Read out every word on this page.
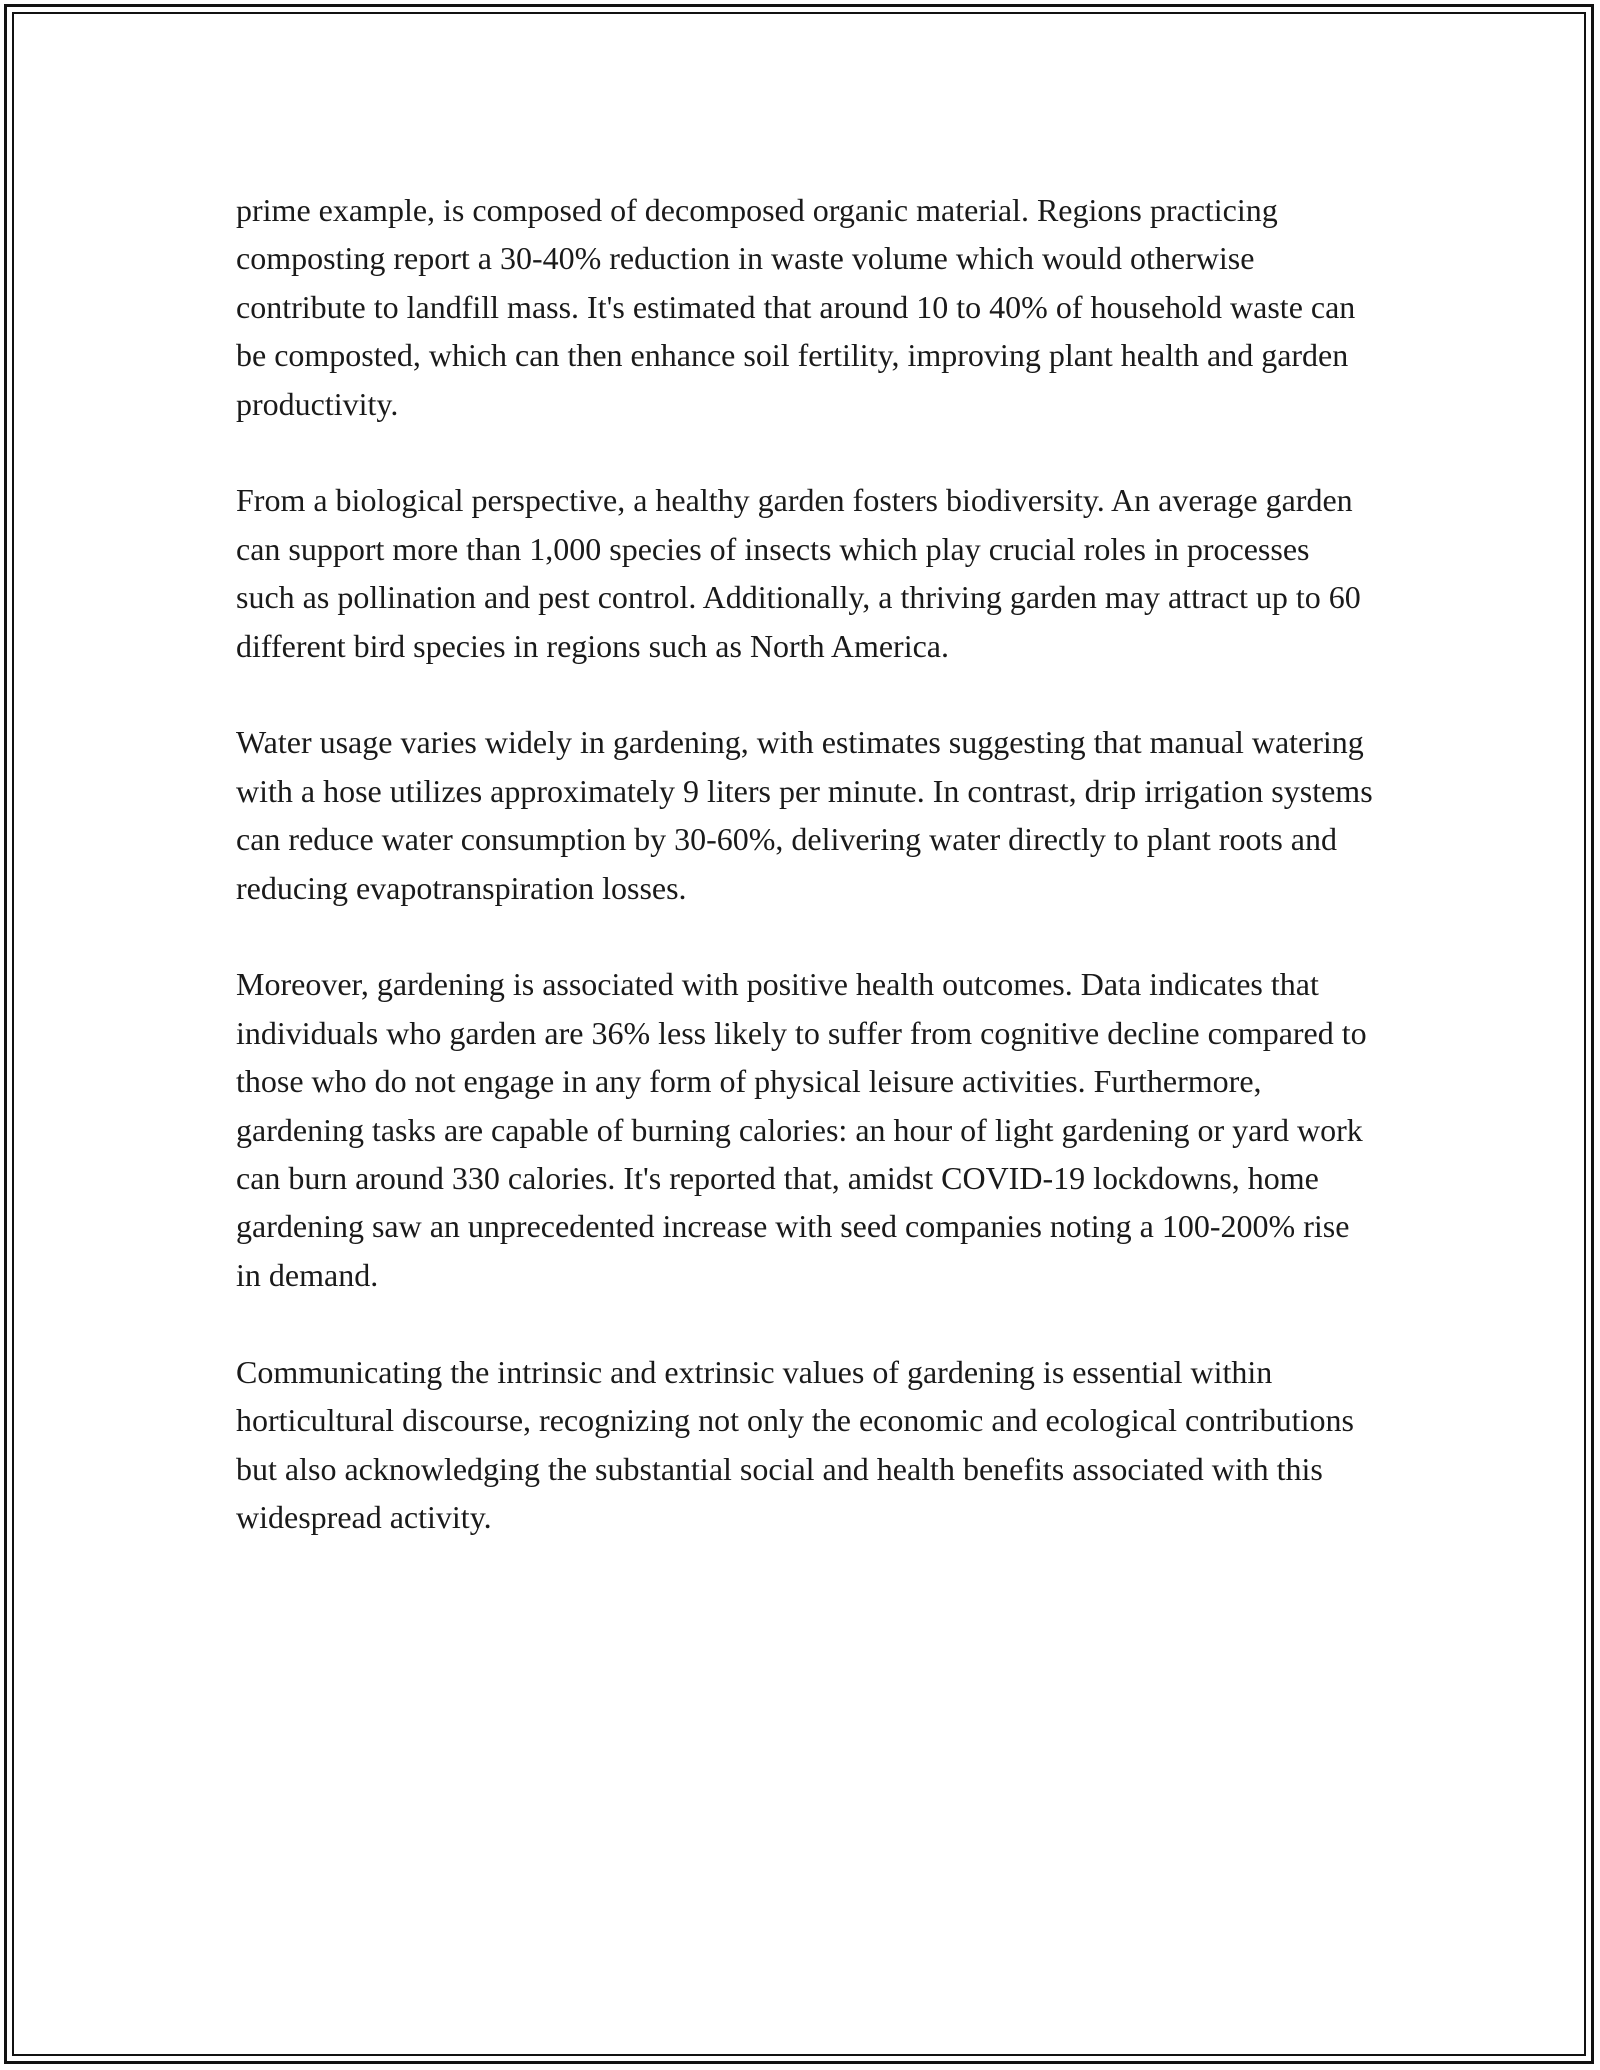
prime example, is composed of decomposed organic material. Regions practicing composting report a 30-40% reduction in waste volume which would otherwise contribute to landfill mass. It's estimated that around 10 to 40% of household waste can be composted, which can then enhance soil fertility, improving plant health and garden productivity.

From a biological perspective, a healthy garden fosters biodiversity. An average garden can support more than 1,000 species of insects which play crucial roles in processes such as pollination and pest control. Additionally, a thriving garden may attract up to 60 different bird species in regions such as North America.

Water usage varies widely in gardening, with estimates suggesting that manual watering with a hose utilizes approximately 9 liters per minute. In contrast, drip irrigation systems can reduce water consumption by 30-60%, delivering water directly to plant roots and reducing evapotranspiration losses.

Moreover, gardening is associated with positive health outcomes. Data indicates that individuals who garden are 36% less likely to suffer from cognitive decline compared to those who do not engage in any form of physical leisure activities. Furthermore, gardening tasks are capable of burning calories: an hour of light gardening or yard work can burn around 330 calories. It's reported that, amidst COVID-19 lockdowns, home gardening saw an unprecedented increase with seed companies noting a 100-200% rise in demand.

Communicating the intrinsic and extrinsic values of gardening is essential within horticultural discourse, recognizing not only the economic and ecological contributions but also acknowledging the substantial social and health benefits associated with this widespread activity.
